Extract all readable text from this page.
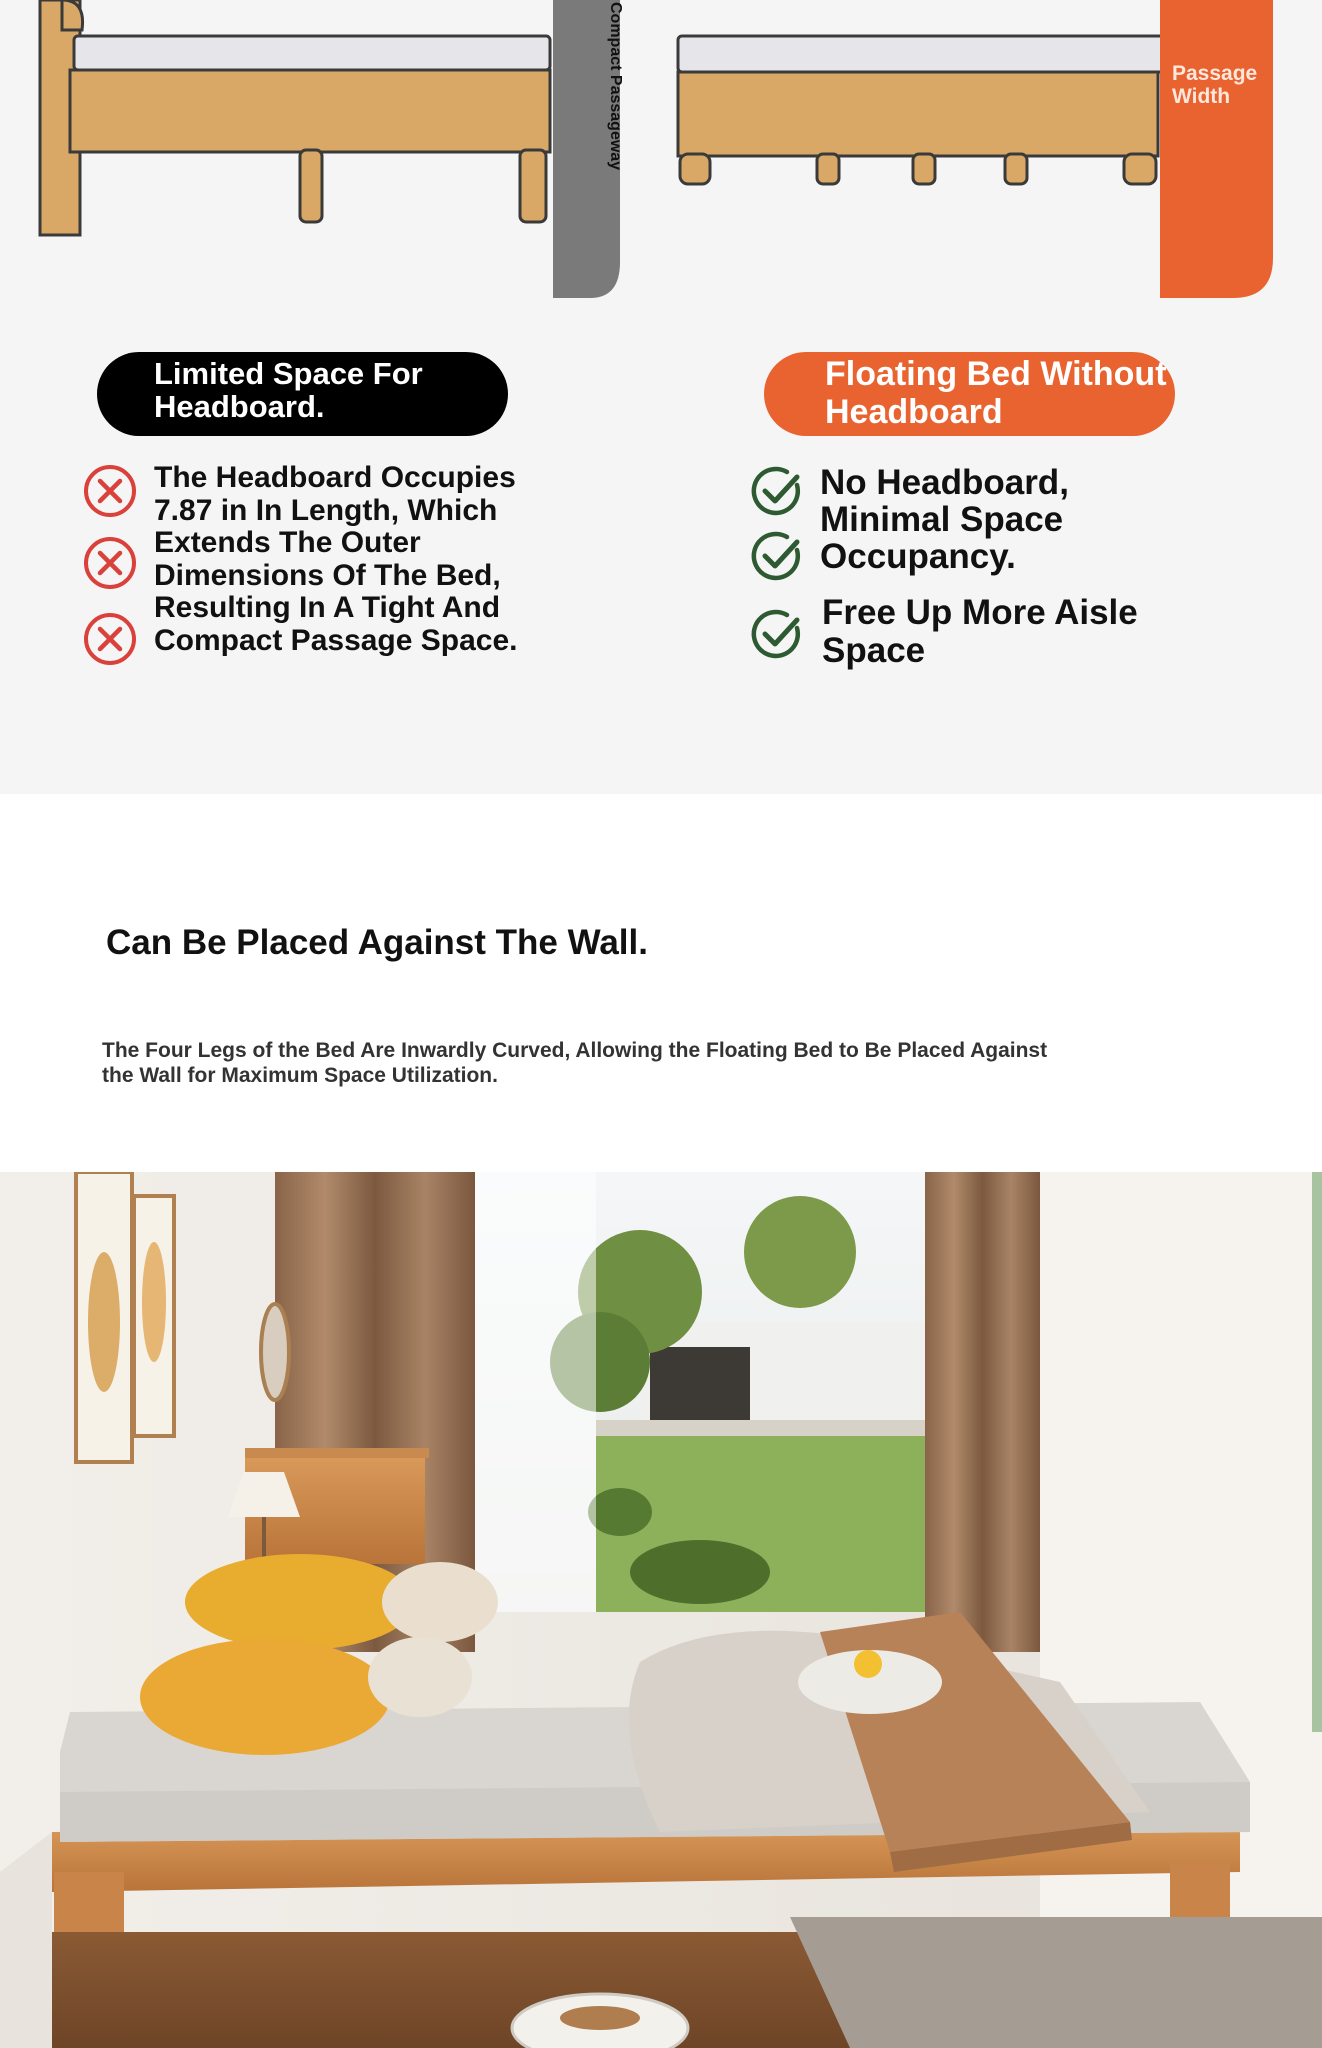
Compact Passageway	Passage Width
Limited Space For Headboard.
Floating Bed Without Headboard
The Headboard Occupies 7.87 in In Length, Which Extends The Outer Dimensions Of The Bed, Resulting In A Tight And Compact Passage Space.
No Headboard, Minimal Space Occupancy.
Free Up More Aisle Space
Can Be Placed Against The Wall.

The Four Legs of the Bed Are Inwardly Curved, Allowing the Floating Bed to Be Placed Against the Wall for Maximum Space Utilization.
